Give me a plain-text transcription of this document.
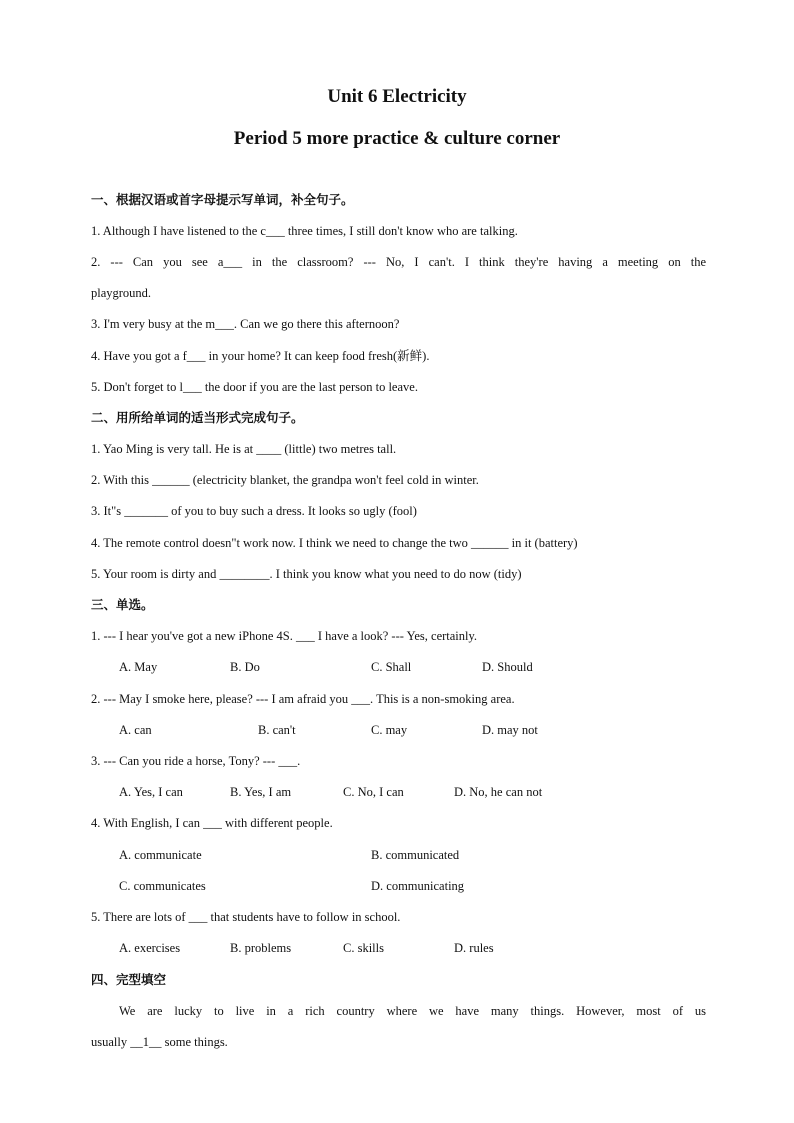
Unit 6 Electricity
Period 5 more practice & culture corner

一、根据汉语或首字母提示写单词，补全句子。

1. Although I have listened to the c___ three times, I still don't know who are talking.

2. --- Can you see a___ in the classroom? --- No, I can't. I think they're having a meeting on the

playground.

3. I'm very busy at the m___. Can we go there this afternoon?

4. Have you got a f___ in your home? It can keep food fresh(新鲜).

5. Don't forget to l___ the door if you are the last person to leave.

二、用所给单词的适当形式完成句子。

1. Yao Ming is very tall. He is at ____ (little) two metres tall.

2. With this ______ (electricity blanket, the grandpa won't feel cold in winter.

3. It"s _______ of you to buy such a dress. It looks so ugly (fool)

4. The remote control doesn"t work now. I think we need to change the two ______ in it (battery)

5. Your room is dirty and ________. I think you know what you need to do now (tidy)

三、单选。

1. --- I hear you've got a new iPhone 4S. ___ I have a look? --- Yes, certainly.

A. May	B. Do	C. Shall	D. Should

2. --- May I smoke here, please? --- I am afraid you ___. This is a non-smoking area.

A. can	B. can't	C. may	D. may not

3. --- Can you ride a horse, Tony? --- ___.

A. Yes, I can	B. Yes, I am	C. No, I can	D. No, he can not

4. With English, I can ___ with different people.

A. communicate	B. communicated
C. communicates	D. communicating

5. There are lots of ___ that students have to follow in school.

A. exercises	B. problems	C. skills	D. rules

四、完型填空

We are lucky to live in a rich country where we have many things. However, most of us

usually __1__ some things.
